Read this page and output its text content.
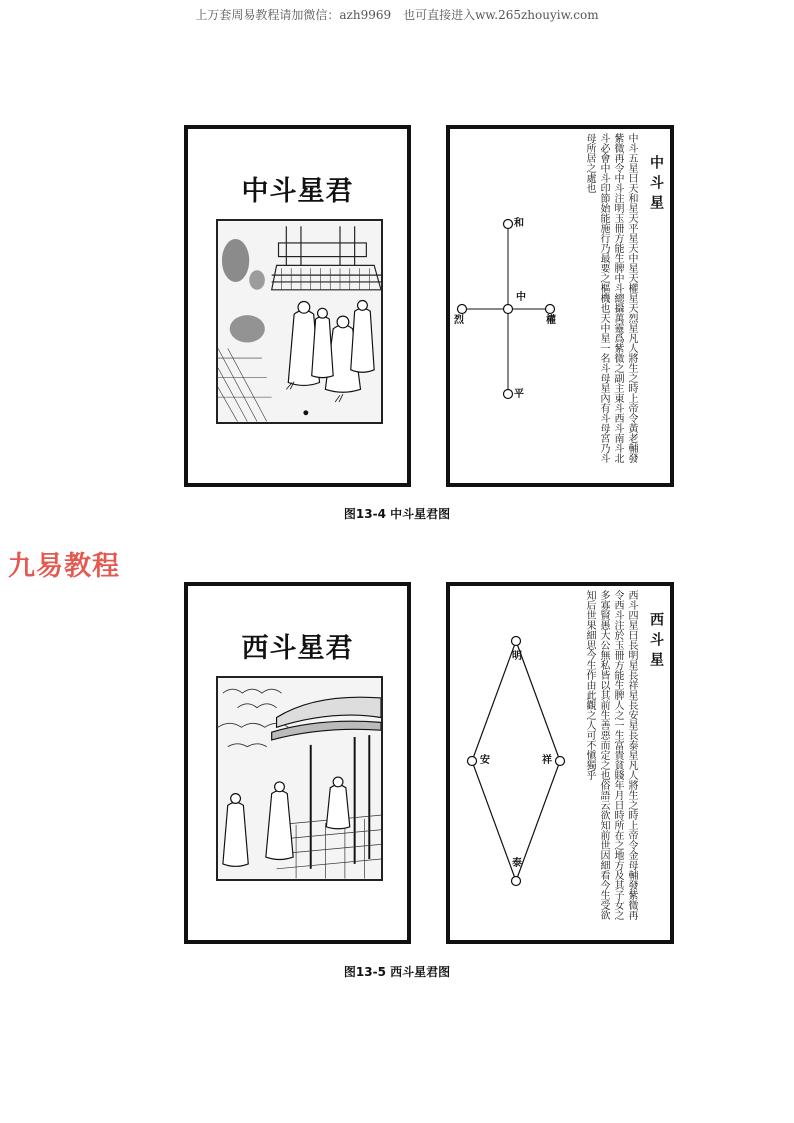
上万套周易教程请加微信：azh9969　也可直接进入ww.265zhouyiw.com
中斗星君
和
中
烈	權
平
中斗星
中斗五星曰天和星天平星天中星天權星天烈星凡人將生之時上帝令黃老輔發
紫微再令中斗注明玉冊方能生脾中斗總攝萬靈爲紫微之副主東斗西斗南斗北
斗必會中斗印節始能施行乃最要之樞機也天中星一名斗母星內有斗母宮乃斗
母所居之處也
图13-4 中斗星君图
九易教程
西斗星君	明
安	祥
泰
西斗星
西斗四星曰長明星長祥星長安星長泰星凡人將生之時上帝令金母輔發紫微再
令西斗注於玉冊方能生脾人之一生富貴貧賤年月日時所在之地方及其子女之
多寡賢愚大公無私皆以其前生善惡而定之也俗語云欲知前世因細看今生受欲
知后世果細思今生作由此觀之人可不愼獨乎
图13-5 西斗星君图
